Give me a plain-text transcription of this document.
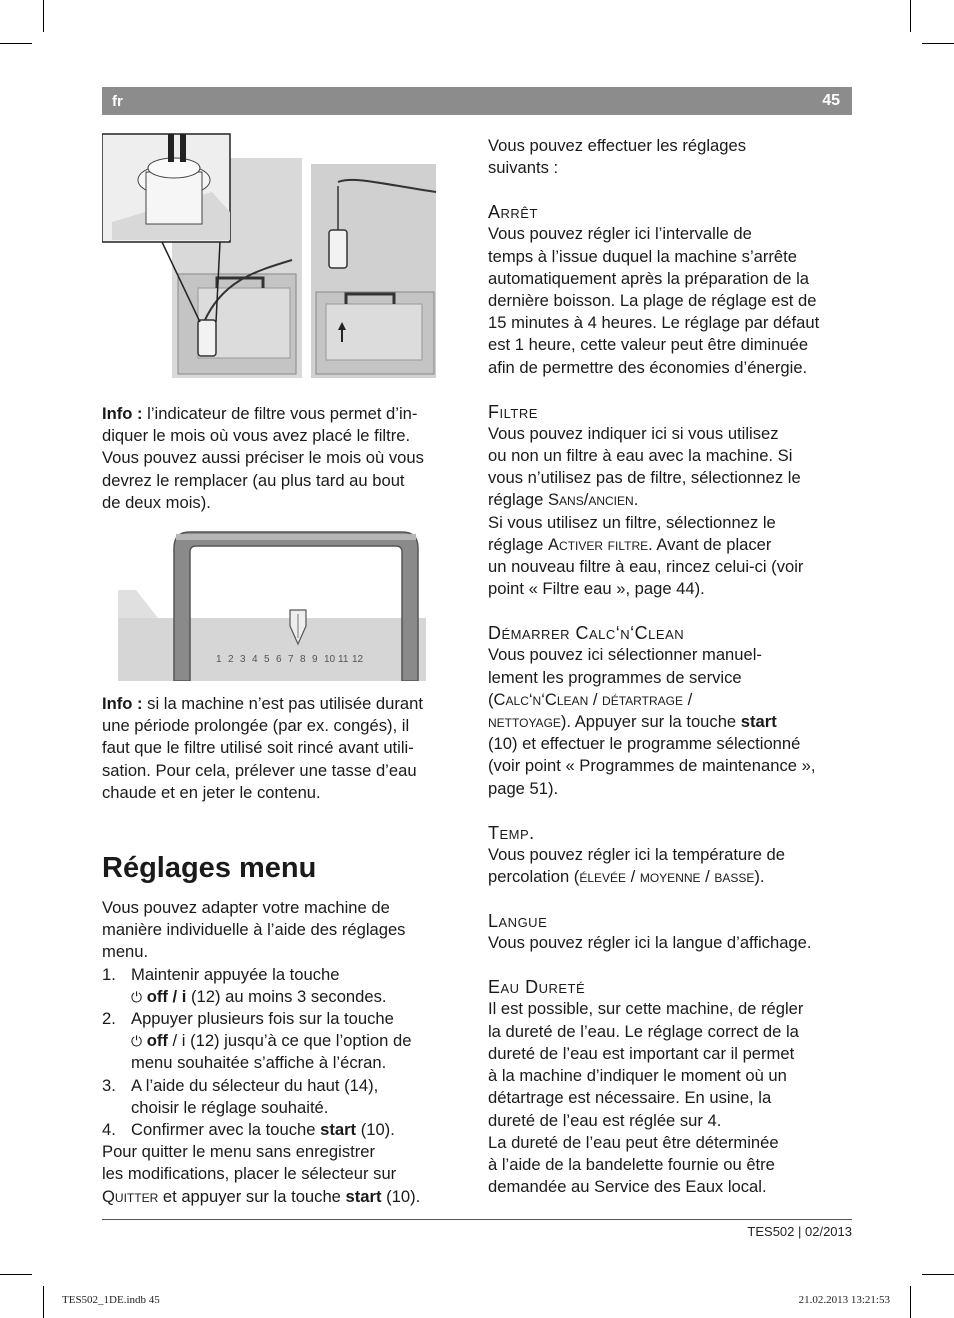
fr	45

Info : l’indicateur de filtre vous permet d’in-
diquer le mois où vous avez placé le filtre.
Vous pouvez aussi préciser le mois où vous
devrez le remplacer (au plus tard au bout
de deux mois).

1 2 3 4 5 6 7 8 9 10 11 12

Info : si la machine n’est pas utilisée durant
une période prolongée (par ex. congés), il
faut que le filtre utilisé soit rincé avant utili-
sation. Pour cela, prélever une tasse d’eau
chaude et en jeter le contenu.

Réglages menu

Vous pouvez adapter votre machine de
manière individuelle à l’aide des réglages
menu.

1. Maintenir appuyée la touche
⏻ off / i (12) au moins 3 secondes.
2. Appuyer plusieurs fois sur la touche
⏻ off / i (12) jusqu’à ce que l’option de
menu souhaitée s’affiche à l’écran.
3. A l’aide du sélecteur du haut (14),
choisir le réglage souhaité.
4. Confirmer avec la touche start (10).

Pour quitter le menu sans enregistrer
les modifications, placer le sélecteur sur
Quitter et appuyer sur la touche start (10).

Vous pouvez effectuer les réglages
suivants :

Arrêt

Vous pouvez régler ici l’intervalle de
temps à l’issue duquel la machine s’arrête
automatiquement après la préparation de la
dernière boisson. La plage de réglage est de
15 minutes à 4 heures. Le réglage par défaut
est 1 heure, cette valeur peut être diminuée
afin de permettre des économies d’énergie.

Filtre

Vous pouvez indiquer ici si vous utilisez
ou non un filtre à eau avec la machine. Si
vous n’utilisez pas de filtre, sélectionnez le
réglage Sans/ancien.
Si vous utilisez un filtre, sélectionnez le
réglage Activer filtre. Avant de placer
un nouveau filtre à eau, rincez celui-ci (voir
point « Filtre eau », page 44).

Démarrer Calc‘n‘Clean

Vous pouvez ici sélectionner manuel-
lement les programmes de service
(Calc‘n‘Clean / détartrage /
nettoyage). Appuyer sur la touche start
(10) et effectuer le programme sélectionné
(voir point « Programmes de maintenance »,
page 51).

Temp.

Vous pouvez régler ici la température de
percolation (élevée / moyenne / basse).

Langue

Vous pouvez régler ici la langue d’affichage.

Eau Dureté

Il est possible, sur cette machine, de régler
la dureté de l’eau. Le réglage correct de la
dureté de l’eau est important car il permet
à la machine d’indiquer le moment où un
détartrage est nécessaire. En usine, la
dureté de l’eau est réglée sur 4.
La dureté de l’eau peut être déterminée
à l’aide de la bandelette fournie ou être
demandée au Service des Eaux local.

TES502 | 02/2013
TES502_1DE.indb 45	21.02.2013 13:21:53
